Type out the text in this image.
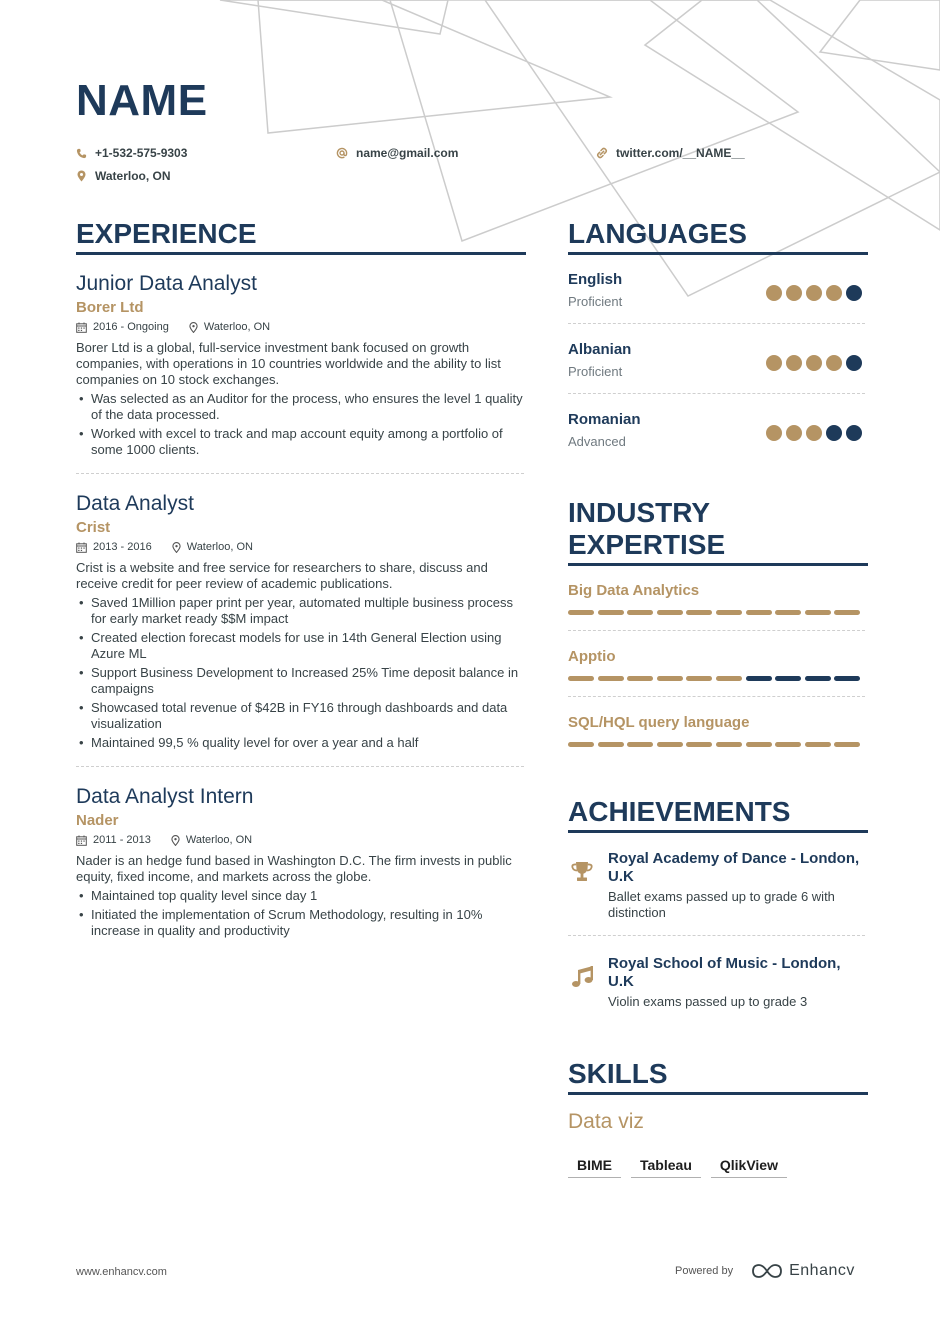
NAME
+1-532-575-9303	name@gmail.com	twitter.com/__NAME__
Waterloo, ON
EXPERIENCE
Junior Data Analyst
Borer Ltd
2016 - Ongoing	Waterloo, ON
Borer Ltd is a global, full-service investment bank focused on growth companies, with operations in 10 countries worldwide and the ability to list companies on 10 stock exchanges.
• Was selected as an Auditor for the process, who ensures the level 1 quality of the data processed.
• Worked with excel to track and map account equity among a portfolio of some 1000 clients.
Data Analyst
Crist
2013 - 2016	Waterloo, ON
Crist is a website and free service for researchers to share, discuss and receive credit for peer review of academic publications.
• Saved 1Million paper print per year, automated multiple business process for early market ready $$M impact
• Created election forecast models for use in 14th General Election using Azure ML
• Support Business Development to Increased 25% Time deposit balance in campaigns
• Showcased total revenue of $42B in FY16 through dashboards and data visualization
• Maintained 99,5 % quality level for over a year and a half
Data Analyst Intern
Nader
2011 - 2013	Waterloo, ON
Nader is an hedge fund based in Washington D.C. The firm invests in public equity, fixed income, and markets across the globe.
• Maintained top quality level since day 1
• Initiated the implementation of Scrum Methodology, resulting in 10% increase in quality and productivity
LANGUAGES
English
Proficient
Albanian
Proficient
Romanian
Advanced
INDUSTRY
EXPERTISE
Big Data Analytics
Apptio
SQL/HQL query language
ACHIEVEMENTS
Royal Academy of Dance - London, U.K
Ballet exams passed up to grade 6 with distinction
Royal School of Music - London, U.K
Violin exams passed up to grade 3
SKILLS
Data viz
BIME	Tableau	QlikView
www.enhancv.com	Powered by	Enhancv
